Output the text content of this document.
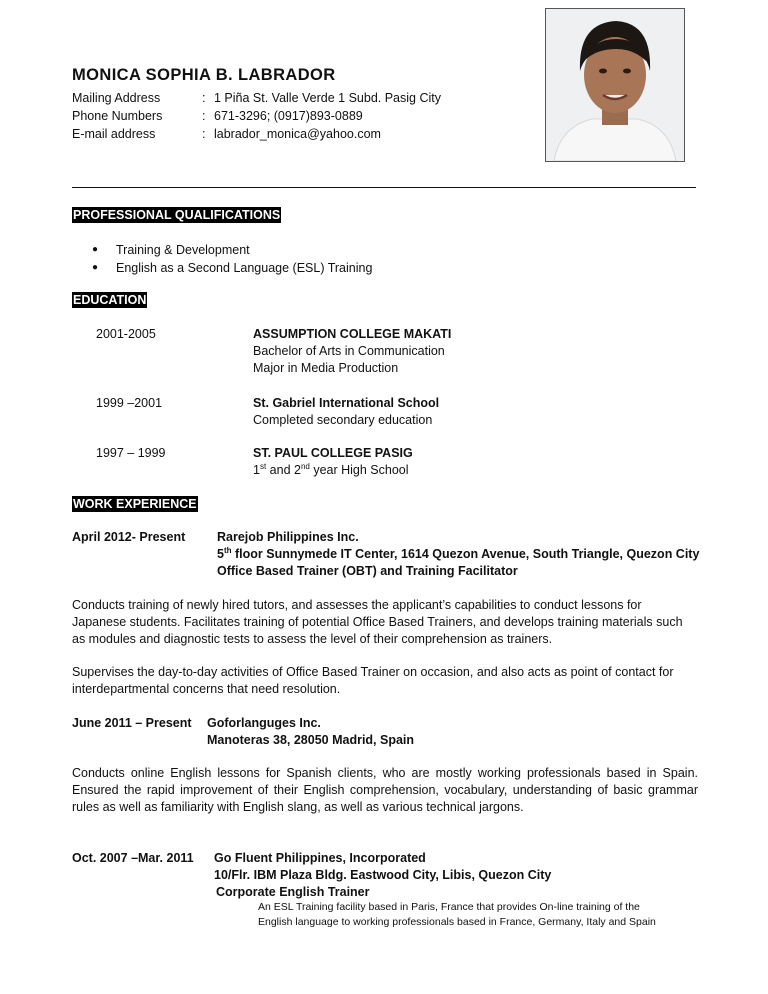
MONICA SOPHIA B. LABRADOR
Mailing Address	: 1 Piña St. Valle Verde 1 Subd. Pasig City
Phone Numbers	: 671-3296; (0917)893-0889
E-mail address	: labrador_monica@yahoo.com
PROFESSIONAL QUALIFICATIONS
●	Training & Development
●	English as a Second Language (ESL) Training
EDUCATION
2001-2005	ASSUMPTION COLLEGE MAKATI
Bachelor of Arts in Communication
Major in Media Production
1999 –2001	St. Gabriel International School
Completed secondary education
1997 – 1999	ST. PAUL COLLEGE PASIG
1st and 2nd year High School
WORK EXPERIENCE
April 2012- Present	Rarejob Philippines Inc.
5th floor Sunnymede IT Center, 1614 Quezon Avenue, South Triangle, Quezon City
Office Based Trainer (OBT) and Training Facilitator
Conducts training of newly hired tutors, and assesses the applicant’s capabilities to conduct lessons for Japanese students. Facilitates training of potential Office Based Trainers, and develops training materials such as modules and diagnostic tests to assess the level of their comprehension as trainers.
Supervises the day-to-day activities of Office Based Trainer on occasion, and also acts as point of contact for interdepartmental concerns that need resolution.
June 2011 – Present Goforlanguges Inc.
Manoteras 38, 28050 Madrid, Spain
Conducts online English lessons for Spanish clients, who are mostly working professionals based in Spain. Ensured the rapid improvement of their English comprehension, vocabulary, understanding of basic grammar rules as well as familiarity with English slang, as well as various technical jargons.
Oct. 2007 –Mar. 2011 Go Fluent Philippines, Incorporated
10/Flr. IBM Plaza Bldg. Eastwood City, Libis, Quezon City
Corporate English Trainer
An ESL Training facility based in Paris, France that provides On-line training of the
English language to working professionals based in France, Germany, Italy and Spain
